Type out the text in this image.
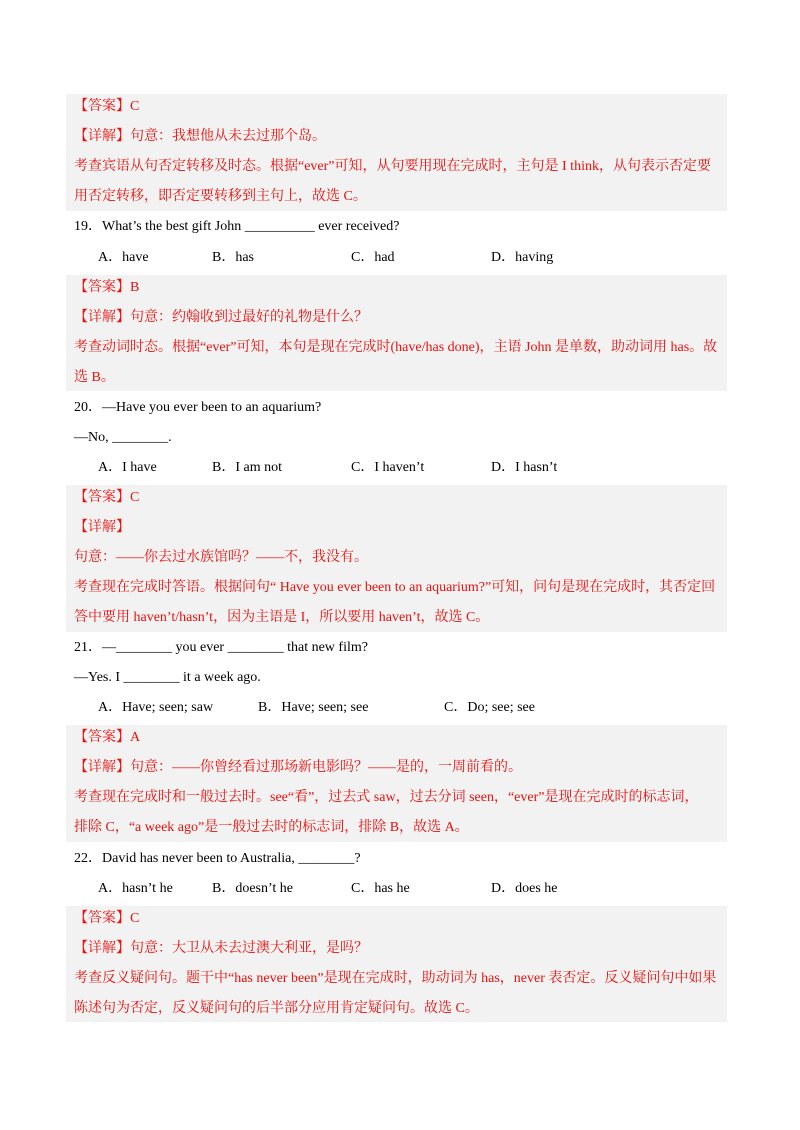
【答案】C
【详解】句意：我想他从未去过那个岛。
考查宾语从句否定转移及时态。根据“ever”可知，从句要用现在完成时，主句是 I think，从句表示否定要
用否定转移，即否定要转移到主句上，故选 C。
19．What’s the best gift John __________ ever received?
A．have	B．has	C．had	D．having
【答案】B
【详解】句意：约翰收到过最好的礼物是什么？
考查动词时态。根据“ever”可知，本句是现在完成时(have/has done)，主语 John 是单数，助动词用 has。故
选 B。
20．—Have you ever been to an aquarium?
—No, ________.
A．I have	B．I am not	C．I haven’t	D．I hasn’t
【答案】C
【详解】
句意：——你去过水族馆吗？——不，我没有。
考查现在完成时答语。根据问句“ Have you ever been to an aquarium?”可知，问句是现在完成时，其否定回
答中要用 haven’t/hasn’t，因为主语是 I，所以要用 haven’t，故选 C。
21．—________ you ever ________ that new film?
—Yes. I ________ it a week ago.
A．Have; seen; saw	B．Have; seen; see	C．Do; see; see
【答案】A
【详解】句意：——你曾经看过那场新电影吗？——是的，一周前看的。
考查现在完成时和一般过去时。see“看”，过去式 saw，过去分词 seen，“ever”是现在完成时的标志词，
排除 C，“a week ago”是一般过去时的标志词，排除 B，故选 A。
22．David has never been to Australia, ________?
A．hasn’t he	B．doesn’t he	C．has he	D．does he
【答案】C
【详解】句意：大卫从未去过澳大利亚，是吗？
考查反义疑问句。题干中“has never been”是现在完成时，助动词为 has，never 表否定。反义疑问句中如果
陈述句为否定，反义疑问句的后半部分应用肯定疑问句。故选 C。
